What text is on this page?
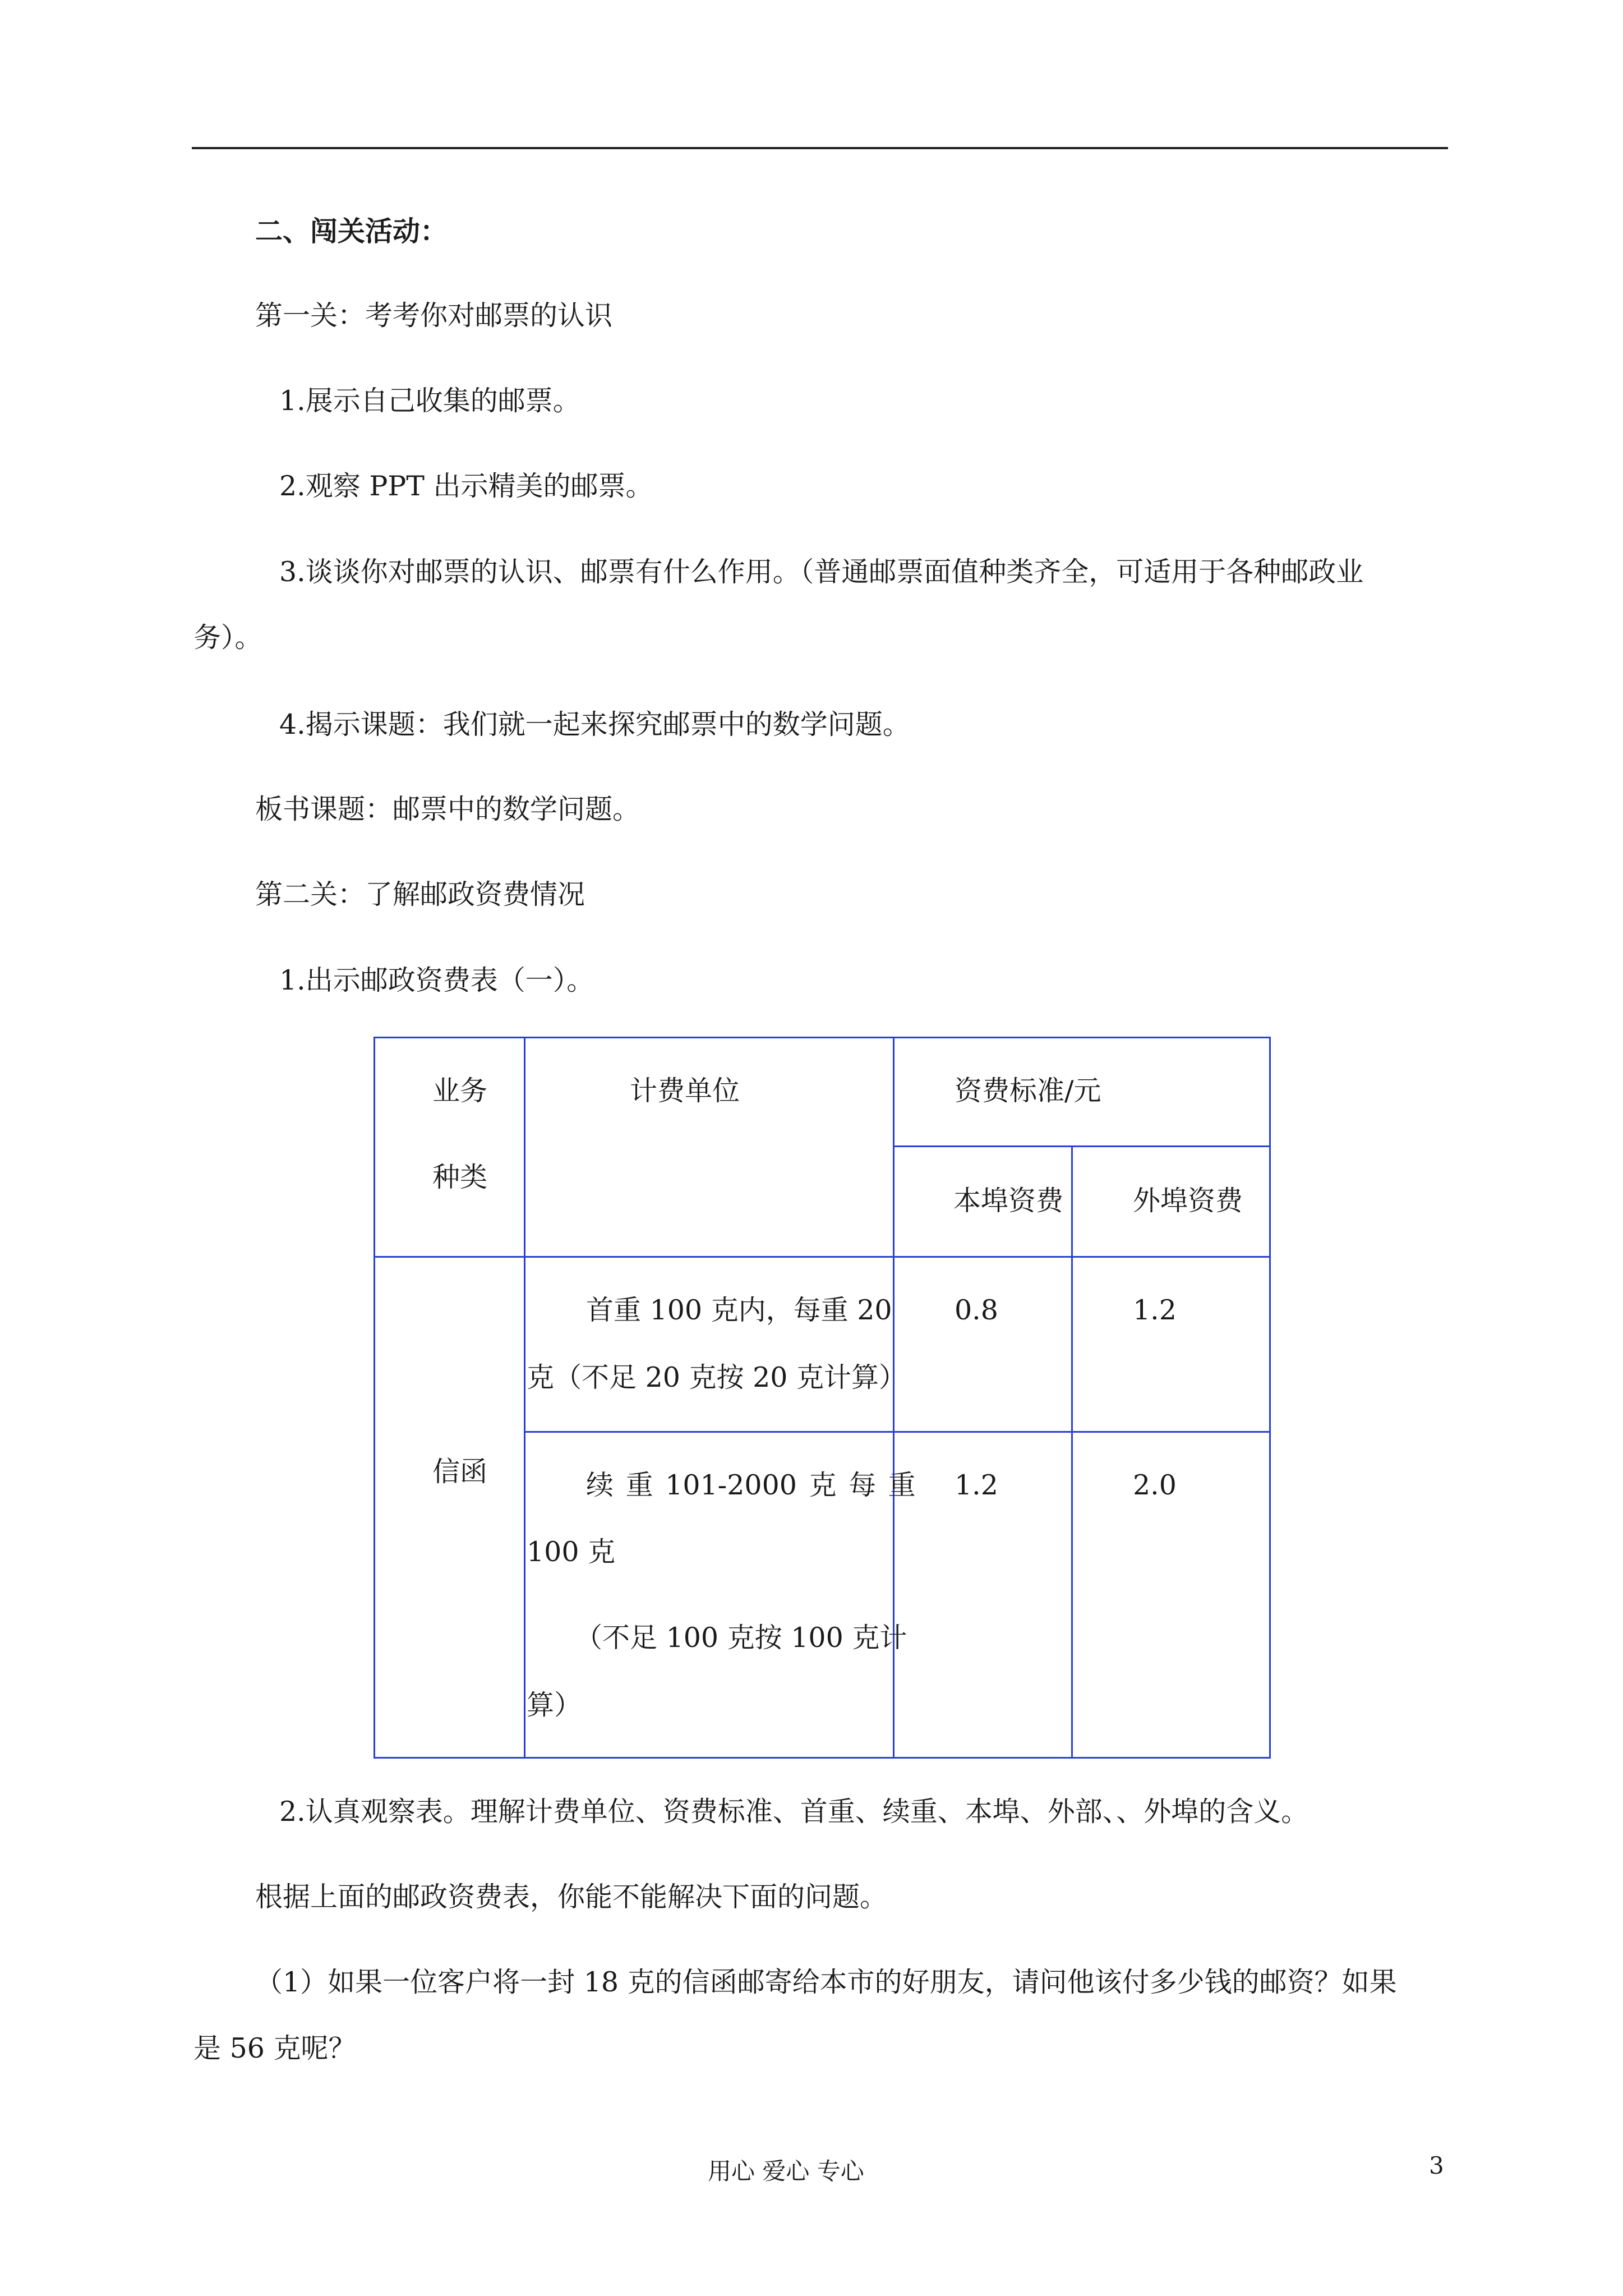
二、闯关活动：
第一关：考考你对邮票的认识
1.展示自己收集的邮票。
2.观察 PPT 出示精美的邮票。
3.谈谈你对邮票的认识、邮票有什么作用。（普通邮票面值种类齐全，可适用于各种邮政业
务）。
4.揭示课题：我们就一起来探究邮票中的数学问题。
板书课题：邮票中的数学问题。
第二关：了解邮政资费情况
1.出示邮政资费表（一）。
业务
种类	计费单位	资费标准/元	

		本埠资费	外埠资费

信函	首重 100 克内，每重 20
克（不足 20 克按 20 克计算）	0.8	1.2

	续 重 101-2000 克 每 重
100 克
（不足 100 克按 100 克计
算）	1.2	2.0
2.认真观察表。理解计费单位、资费标准、首重、续重、本埠、外部、、外埠的含义。
根据上面的邮政资费表，你能不能解决下面的问题。
（1）如果一位客户将一封 18 克的信函邮寄给本市的好朋友，请问他该付多少钱的邮资？如果
是 56 克呢？
用心 爱心 专心	3
